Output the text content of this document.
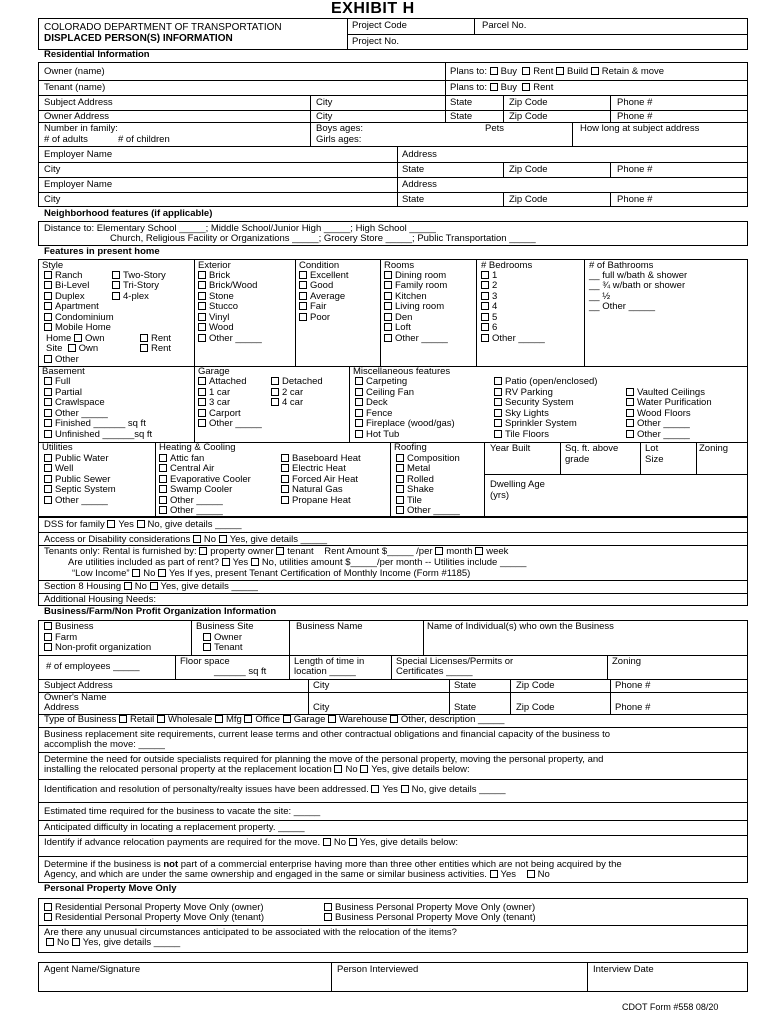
EXHIBIT H
COLORADO DEPARTMENT OF TRANSPORTATION
DISPLACED PERSON(S) INFORMATION
Project Code	Parcel No.
Project No.
Residential Information
Owner (name)
Tenant (name)
Plans to: Buy Rent Build Retain & move
Plans to: Buy Rent
Subject Address	City	State	Zip Code	Phone #
Owner Address	City	State	Zip Code	Phone #
Number in family:
# of adults	# of children
Boys ages:
Girls ages:
Pets	How long at subject address
Employer Name	Address
City	State	Zip Code	Phone #
Employer Name	Address
City	State	Zip Code	Phone #
Neighborhood features (if applicable)
Distance to: Elementary School _____; Middle School/Junior High _____; High School _____
Church, Religious Facility or Organizations _____; Grocery Store _____; Public Transportation _____
Features in present home
Style
Ranch	Two-Story
Bi-Level	Tri-Story
Duplex	4-plex
Apartment
Condominium
Mobile Home
Home Own	Rent
Site Own	Rent
Other
Exterior
Brick
Brick/Wood
Stone
Stucco
Vinyl
Wood
Other _____
Condition
Excellent
Good
Average
Fair
Poor
Rooms
Dining room
Family room
Kitchen
Living room
Den
Loft
Other _____
# Bedrooms
1
2
3
4
5
6
Other _____
# of Bathrooms
__ full w/bath & shower
__ ¾ w/bath or shower
__ ½
__ Other _____
Basement
Full
Partial
Crawlspace
Other _____
Finished ______ sq ft
Unfinished ______sq ft
Garage
Attached	Detached
1 car	2 car
3 car	4 car
Carport
Other _____
Miscellaneous features
Carpeting
Ceiling Fan
Deck
Fence
Fireplace (wood/gas)
Hot Tub
Patio (open/enclosed)
RV Parking
Security System
Sky Lights
Sprinkler System
Tile Floors
Vaulted Ceilings
Water Purification
Wood Floors
Other _____
Other _____
Utilities
Public Water
Well
Public Sewer
Septic System
Other _____
Heating & Cooling
Attic fan
Central Air
Evaporative Cooler
Swamp Cooler
Other _____
Other _____
Baseboard Heat
Electric Heat
Forced Air Heat
Natural Gas
Propane Heat
Roofing
Composition
Metal
Rolled
Shake
Tile
Other _____
Year Built	Sq. ft. above grade
Lot Size
Zoning
Dwelling Age (yrs)
DSS for family Yes No, give details _____
Access or Disability considerations No Yes, give details _____
Tenants only: Rental is furnished by: property owner tenant Rent Amount $_____ /per month week
Are utilities included as part of rent? Yes No, utilities amount $_____/per month -- Utilities include _____
“Low Income” No Yes If yes, present Tenant Certification of Monthly Income (Form #1185)
Section 8 Housing No Yes, give details _____
Additional Housing Needs:
Business/Farm/Non Profit Organization Information
Business
Farm
Non-profit organization
Business Site
Owner
Tenant
Business Name	Name of Individual(s) who own the Business
# of employees _____	Floor space
______ sq ft
Length of time in
location _____
Special Licenses/Permits or
Certificates _____
Zoning
Subject Address	City	State	Zip Code	Phone #
Owner's Name
Address	City	State	Zip Code	Phone #
Type of Business Retail Wholesale Mfg Office Garage Warehouse Other, description _____
Business replacement site requirements, current lease terms and other contractual obligations and financial capacity of the business to
accomplish the move: _____
Determine the need for outside specialists required for planning the move of the personal property, moving the personal property, and
installing the relocated personal property at the replacement location No Yes, give details below:
Identification and resolution of personalty/realty issues have been addressed. Yes No, give details _____
Estimated time required for the business to vacate the site: _____
Anticipated difficulty in locating a replacement property. _____
Identify if advance relocation payments are required for the move. No Yes, give details below:
Determine if the business is not part of a commercial enterprise having more than three other entities which are not being acquired by the
Agency, and which are under the same ownership and engaged in the same or similar business activities. Yes No
Personal Property Move Only
Residential Personal Property Move Only (owner)
Residential Personal Property Move Only (tenant)
Business Personal Property Move Only (owner)
Business Personal Property Move Only (tenant)
Are there any unusual circumstances anticipated to be associated with the relocation of the items?
No Yes, give details _____
Agent Name/Signature	Person Interviewed	Interview Date
CDOT Form #558 08/20
